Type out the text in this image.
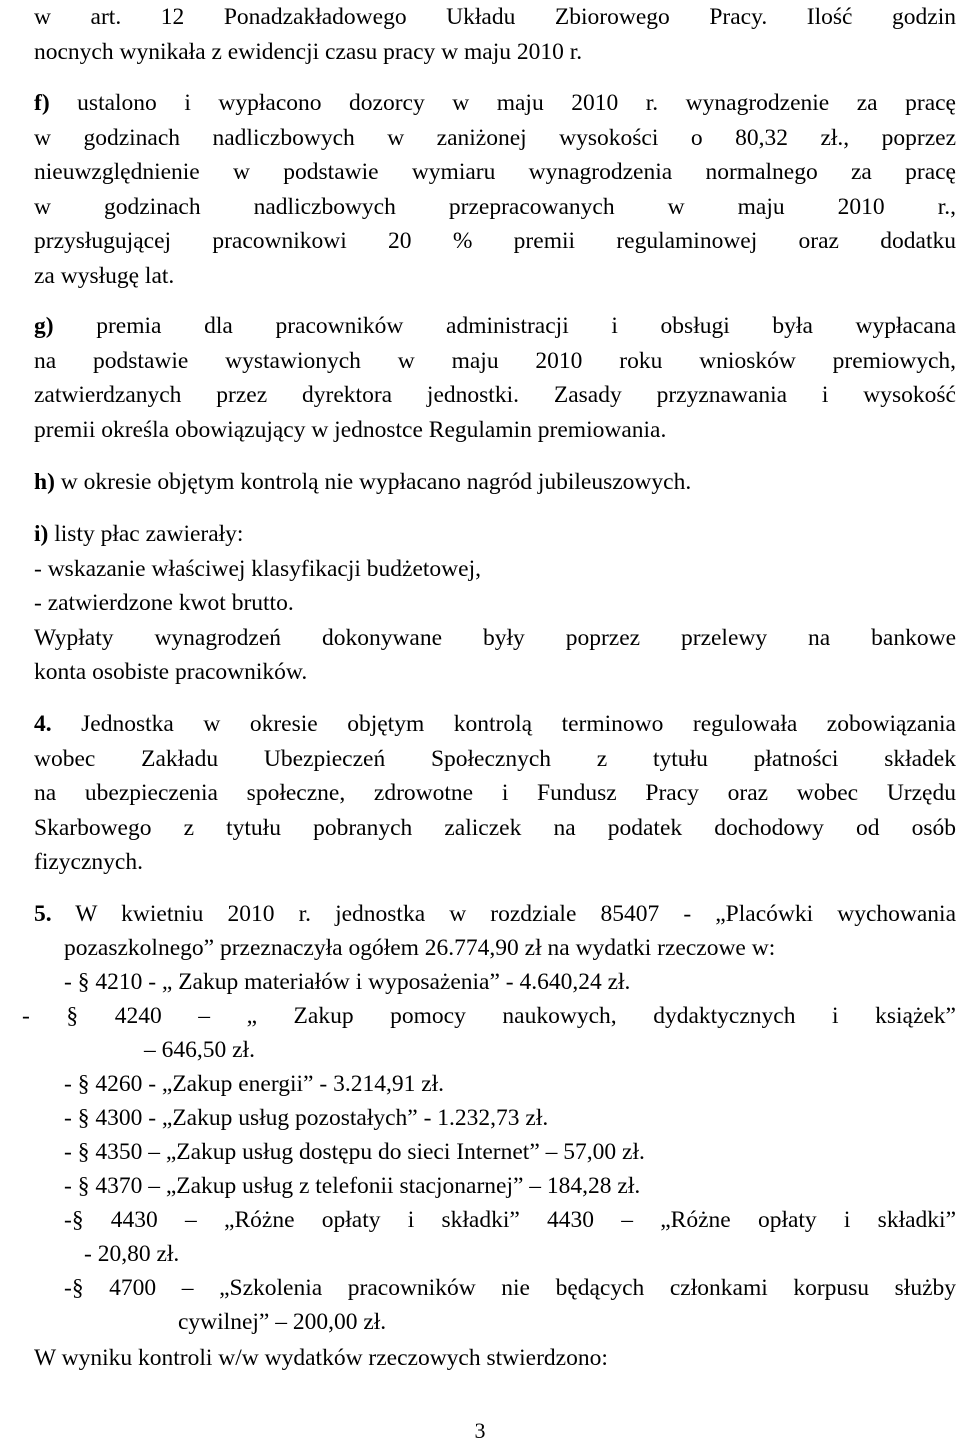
w art. 12 Ponadzakładowego Układu Zbiorowego Pracy. Ilość godzin
nocnych wynikała z ewidencji czasu pracy w maju 2010 r.
f) ustalono i wypłacono dozorcy w maju 2010 r. wynagrodzenie za pracę
w godzinach nadliczbowych w zaniżonej wysokości o 80,32 zł., poprzez
nieuwzględnienie w podstawie wymiaru wynagrodzenia normalnego za pracę
w godzinach nadliczbowych przepracowanych w maju 2010 r.,
przysługującej pracownikowi 20 % premii regulaminowej oraz dodatku
za wysługę lat.
g) premia dla pracowników administracji i obsługi była wypłacana
na podstawie wystawionych w maju 2010 roku wniosków premiowych,
zatwierdzanych przez dyrektora jednostki. Zasady przyznawania i wysokość
premii określa obowiązujący w jednostce Regulamin premiowania.
h) w okresie objętym kontrolą nie wypłacano nagród jubileuszowych.
i) listy płac zawierały:
- wskazanie właściwej klasyfikacji budżetowej,
- zatwierdzone kwot brutto.
Wypłaty wynagrodzeń dokonywane były poprzez przelewy na bankowe
konta osobiste pracowników.
4. Jednostka w okresie objętym kontrolą terminowo regulowała zobowiązania
wobec Zakładu Ubezpieczeń Społecznych z tytułu płatności składek
na ubezpieczenia społeczne, zdrowotne i Fundusz Pracy oraz wobec Urzędu
Skarbowego z tytułu pobranych zaliczek na podatek dochodowy od osób
fizycznych.
5. W kwietniu 2010 r. jednostka w rozdziale 85407 - „Placówki wychowania
pozaszkolnego” przeznaczyła ogółem 26.774,90 zł na wydatki rzeczowe w:
- § 4210 - „ Zakup materiałów i wyposażenia” - 4.640,24 zł.
- § 4240 – „ Zakup pomocy naukowych, dydaktycznych i książek”
– 646,50 zł.
- § 4260 - „Zakup energii” - 3.214,91 zł.
- § 4300 - „Zakup usług pozostałych” - 1.232,73 zł.
- § 4350 – „Zakup usług dostępu do sieci Internet” – 57,00 zł.
- § 4370 – „Zakup usług z telefonii stacjonarnej” – 184,28 zł.
-§ 4430 – „Różne opłaty i składki” 4430 – „Różne opłaty i składki”
- 20,80 zł.
-§ 4700 – „Szkolenia pracowników nie będących członkami korpusu służby
cywilnej” – 200,00 zł.
W wyniku kontroli w/w wydatków rzeczowych stwierdzono:
3
